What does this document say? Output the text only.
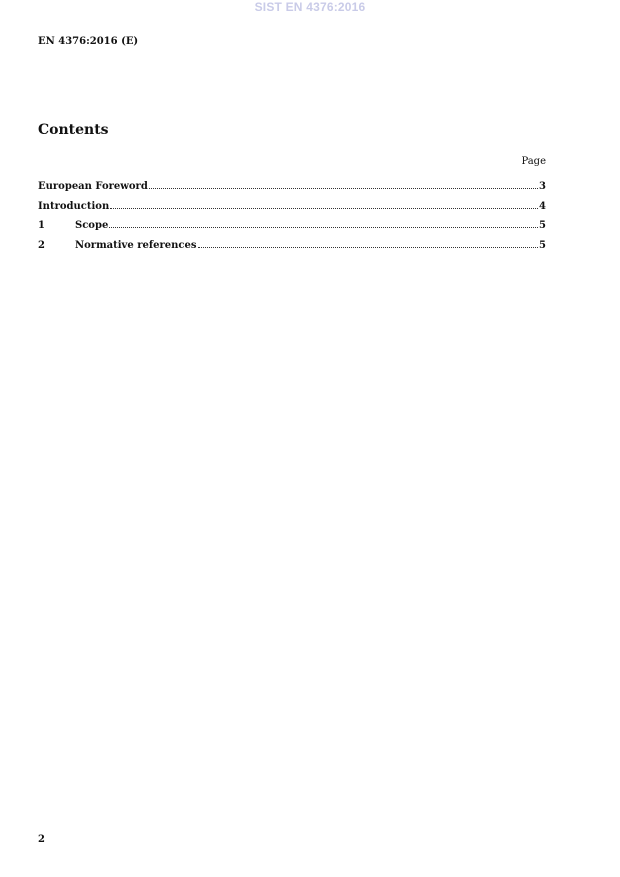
SIST EN 4376:2016
EN 4376:2016 (E)
Contents
Page
European Foreword	3
Introduction	4
1	Scope	5
2	Normative references	5
2
